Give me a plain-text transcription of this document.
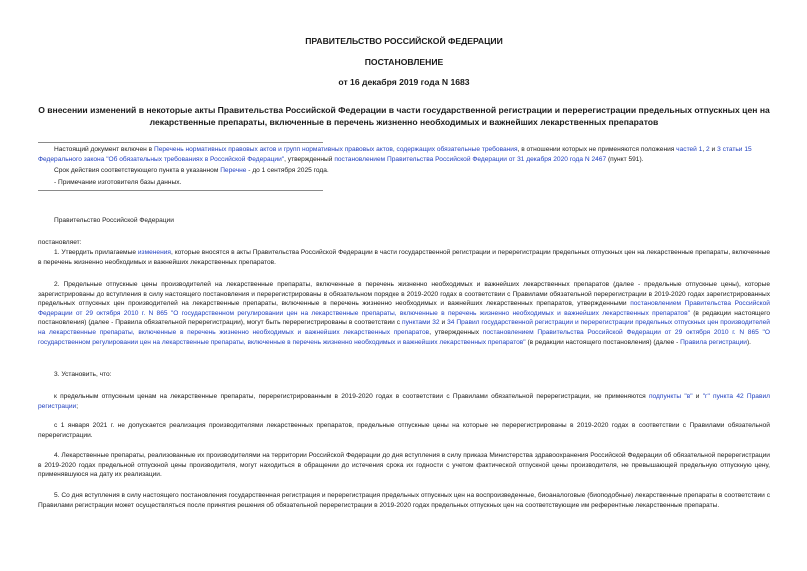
ПРАВИТЕЛЬСТВО РОССИЙСКОЙ ФЕДЕРАЦИИ
ПОСТАНОВЛЕНИЕ
от 16 декабря 2019 года N 1683
О внесении изменений в некоторые акты Правительства Российской Федерации в части государственной регистрации и перерегистрации предельных отпускных цен на лекарственные препараты, включенные в перечень жизненно необходимых и важнейших лекарственных препаратов

Настоящий документ включен в Перечень нормативных правовых актов и групп нормативных правовых актов, содержащих обязательные требования, в отношении которых не применяются положения частей 1, 2 и 3 статьи 15 Федерального закона "Об обязательных требованиях в Российской Федерации", утвержденный постановлением Правительства Российской Федерации от 31 декабря 2020 года N 2467 (пункт 591).

Срок действия соответствующего пункта в указанном Перечне - до 1 сентября 2025 года.

- Примечание изготовителя базы данных.

Правительство Российской Федерации

постановляет:

1. Утвердить прилагаемые изменения, которые вносятся в акты Правительства Российской Федерации в части государственной регистрации и перерегистрации предельных отпускных цен на лекарственные препараты, включенные в перечень жизненно необходимых и важнейших лекарственных препаратов.

2. Предельные отпускные цены производителей на лекарственные препараты, включенные в перечень жизненно необходимых и важнейших лекарственных препаратов (далее - предельные отпускные цены), которые зарегистрированы до вступления в силу настоящего постановления и перерегистрированы в обязательном порядке в 2019-2020 годах в соответствии с Правилами обязательной перерегистрации в 2019-2020 годах зарегистрированных предельных отпускных цен производителей на лекарственные препараты, включенные в перечень жизненно необходимых и важнейших лекарственных препаратов, утвержденными постановлением Правительства Российской Федерации от 29 октября 2010 г. N 865 "О государственном регулировании цен на лекарственные препараты, включенные в перечень жизненно необходимых и важнейших лекарственных препаратов" (в редакции настоящего постановления) (далее - Правила обязательной перерегистрации), могут быть перерегистрированы в соответствии с пунктами 32 и 34 Правил государственной регистрации и перерегистрации предельных отпускных цен производителей на лекарственные препараты, включенные в перечень жизненно необходимых и важнейших лекарственных препаратов, утвержденных постановлением Правительства Российской Федерации от 29 октября 2010 г. N 865 "О государственном регулировании цен на лекарственные препараты, включенные в перечень жизненно необходимых и важнейших лекарственных препаратов" (в редакции настоящего постановления) (далее - Правила регистрации).

3. Установить, что:

к предельным отпускным ценам на лекарственные препараты, перерегистрированным в 2019-2020 годах в соответствии с Правилами обязательной перерегистрации, не применяются подпункты "в" и "г" пункта 42 Правил регистрации;

с 1 января 2021 г. не допускается реализация производителями лекарственных препаратов, предельные отпускные цены на которые не перерегистрированы в 2019-2020 годах в соответствии с Правилами обязательной перерегистрации.

4. Лекарственные препараты, реализованные их производителями на территории Российской Федерации до дня вступления в силу приказа Министерства здравоохранения Российской Федерации об обязательной перерегистрации в 2019-2020 годах предельной отпускной цены производителя, могут находиться в обращении до истечения срока их годности с учетом фактической отпускной цены производителя, не превышающей предельную отпускную цену, применявшуюся на дату их реализации.

5. Со дня вступления в силу настоящего постановления государственная регистрация и перерегистрация предельных отпускных цен на воспроизведенные, биоаналоговые (биоподобные) лекарственные препараты в соответствии с Правилами регистрации может осуществляться после принятия решения об обязательной перерегистрации в 2019-2020 годах предельных отпускных цен на соответствующие им референтные лекарственные препараты.
